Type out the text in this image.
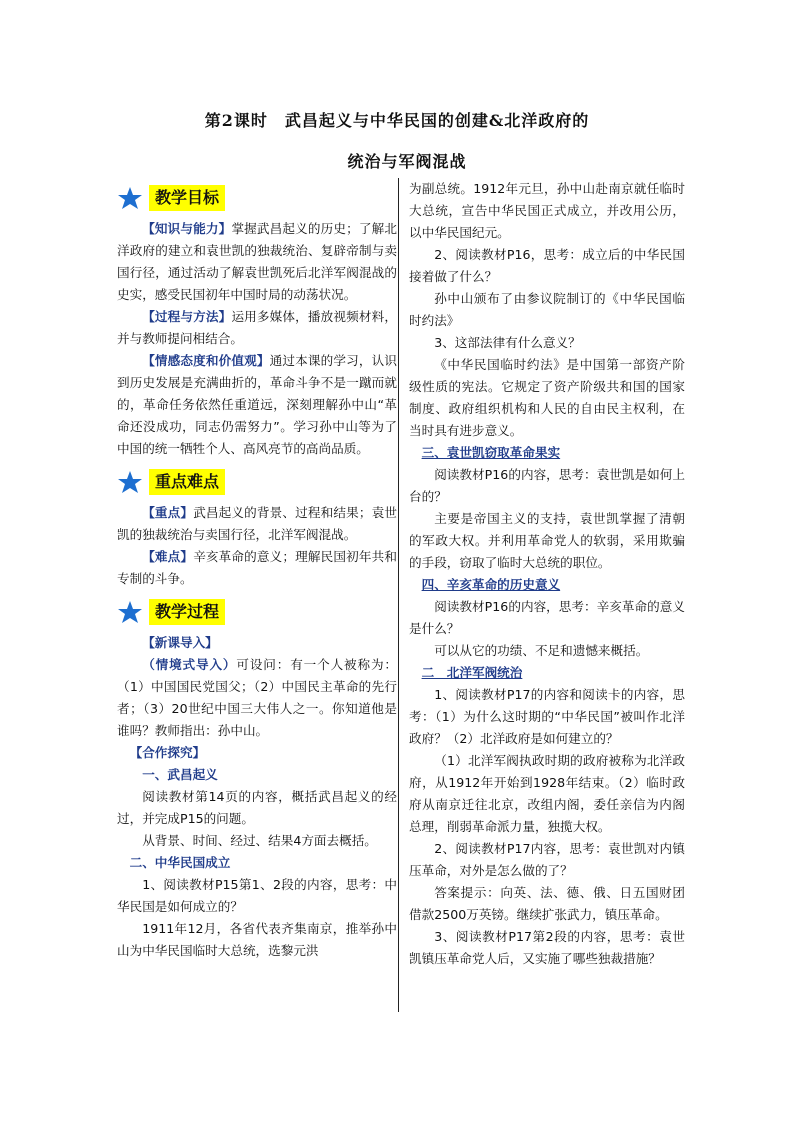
第2课时　武昌起义与中华民国的创建&北洋政府的
统治与军阀混战
教学目标

【知识与能力】掌握武昌起义的历史；了解北洋政府的建立和袁世凯的独裁统治、复辟帝制与卖国行径，通过活动了解袁世凯死后北洋军阀混战的史实，感受民国初年中国时局的动荡状况。

【过程与方法】运用多媒体，播放视频材料，并与教师提问相结合。

【情感态度和价值观】通过本课的学习，认识到历史发展是充满曲折的，革命斗争不是一蹴而就的，革命任务依然任重道远，深刻理解孙中山“革命还没成功，同志仍需努力”。学习孙中山等为了中国的统一牺牲个人、高风亮节的高尚品质。

重点难点

【重点】武昌起义的背景、过程和结果；袁世凯的独裁统治与卖国行径，北洋军阀混战。

【难点】辛亥革命的意义；理解民国初年共和专制的斗争。

教学过程

【新课导入】

（情境式导入）可设问：有一个人被称为：（1）中国国民党国父；（2）中国民主革命的先行者；（3）20世纪中国三大伟人之一。你知道他是谁吗？教师指出：孙中山。

【合作探究】

一、武昌起义

阅读教材第14页的内容，概括武昌起义的经过，并完成P15的问题。

从背景、时间、经过、结果4方面去概括。

二、中华民国成立

1、阅读教材P15第1、2段的内容，思考：中华民国是如何成立的？

1911年12月，各省代表齐集南京，推举孙中山为中华民国临时大总统，选黎元洪

为副总统。1912年元旦，孙中山赴南京就任临时大总统，宣告中华民国正式成立，并改用公历，以中华民国纪元。

2、阅读教材P16，思考：成立后的中华民国接着做了什么？

孙中山颁布了由参议院制订的《中华民国临时约法》

3、这部法律有什么意义？

《中华民国临时约法》是中国第一部资产阶级性质的宪法。它规定了资产阶级共和国的国家制度、政府组织机构和人民的自由民主权利，在当时具有进步意义。

三、袁世凯窃取革命果实

阅读教材P16的内容，思考：袁世凯是如何上台的？

主要是帝国主义的支持，袁世凯掌握了清朝的军政大权。并利用革命党人的软弱，采用欺骗的手段，窃取了临时大总统的职位。

四、辛亥革命的历史意义

阅读教材P16的内容，思考：辛亥革命的意义是什么？

可以从它的功绩、不足和遗憾来概括。

二　北洋军阀统治

1、阅读教材P17的内容和阅读卡的内容，思考：（1）为什么这时期的“中华民国”被叫作北洋政府？（2）北洋政府是如何建立的？

（1）北洋军阀执政时期的政府被称为北洋政府，从1912年开始到1928年结束。（2）临时政府从南京迁往北京，改组内阁，委任亲信为内阁总理，削弱革命派力量，独揽大权。

2、阅读教材P17内容，思考：袁世凯对内镇压革命，对外是怎么做的了？

答案提示：向英、法、德、俄、日五国财团借款2500万英镑。继续扩张武力，镇压革命。

3、阅读教材P17第2段的内容，思考：袁世凯镇压革命党人后，又实施了哪些独裁措施？
